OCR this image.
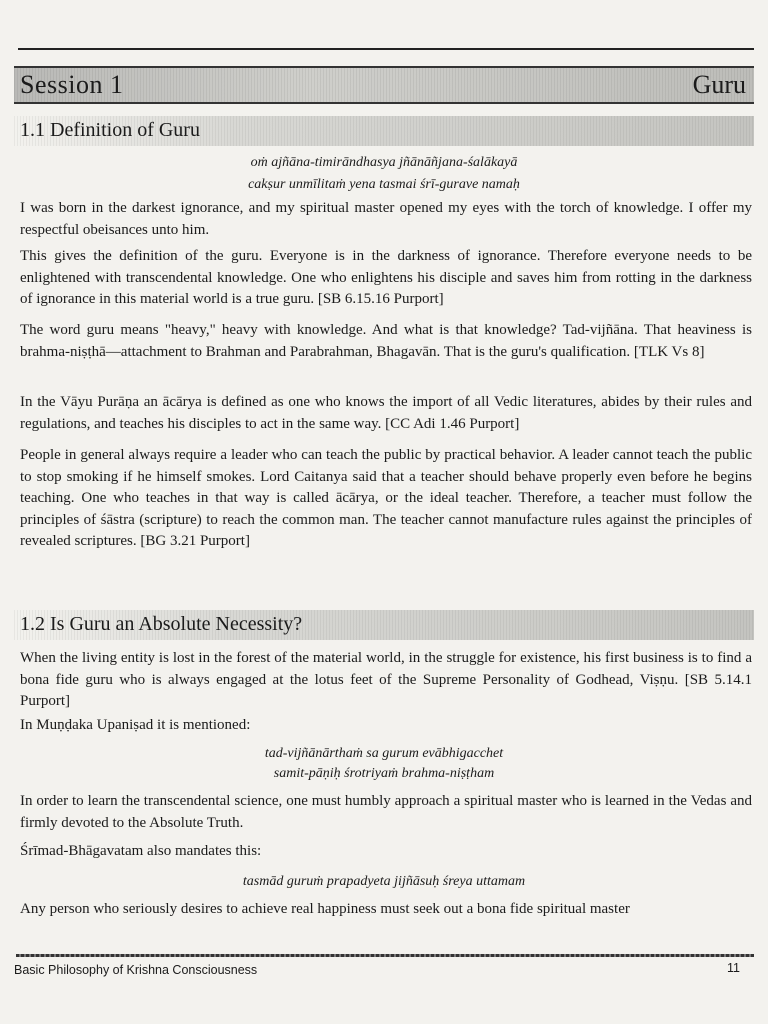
Session 1	Guru
1.1 Definition of Guru

oṁ ajñāna-timirāndhasya jñānāñjana-śalākayā

cakṣur unmīlitaṁ yena tasmai śrī-gurave namaḥ

I was born in the darkest ignorance, and my spiritual master opened my eyes with the torch of knowledge. I offer my respectful obeisances unto him.

This gives the definition of the guru. Everyone is in the darkness of ignorance. Therefore everyone needs to be enlightened with transcendental knowledge. One who enlightens his disciple and saves him from rotting in the darkness of ignorance in this material world is a true guru. [SB 6.15.16 Purport]

The word guru means "heavy," heavy with knowledge. And what is that knowledge? Tad-vijñāna. That heaviness is brahma-niṣṭhā—attachment to Brahman and Parabrahman, Bhagavān. That is the guru's qualification. [TLK Vs 8]

In the Vāyu Purāṇa an ācārya is defined as one who knows the import of all Vedic literatures, abides by their rules and regulations, and teaches his disciples to act in the same way. [CC Adi 1.46 Purport]

People in general always require a leader who can teach the public by practical behavior. A leader cannot teach the public to stop smoking if he himself smokes. Lord Caitanya said that a teacher should behave properly even before he begins teaching. One who teaches in that way is called ācārya, or the ideal teacher. Therefore, a teacher must follow the principles of śāstra (scripture) to reach the common man. The teacher cannot manufacture rules against the principles of revealed scriptures. [BG 3.21 Purport]

1.2 Is Guru an Absolute Necessity?

When the living entity is lost in the forest of the material world, in the struggle for existence, his first business is to find a bona fide guru who is always engaged at the lotus feet of the Supreme Personality of Godhead, Viṣṇu. [SB 5.14.1 Purport]

In Muṇḍaka Upaniṣad it is mentioned:

tad-vijñānārthaṁ sa gurum evābhigacchet

samit-pāṇiḥ śrotriyaṁ brahma-niṣṭham

In order to learn the transcendental science, one must humbly approach a spiritual master who is learned in the Vedas and firmly devoted to the Absolute Truth.

Śrīmad-Bhāgavatam also mandates this:

tasmād guruṁ prapadyeta jijñāsuḥ śreya uttamam

Any person who seriously desires to achieve real happiness must seek out a bona fide spiritual master

Basic Philosophy of Krishna Consciousness	11
